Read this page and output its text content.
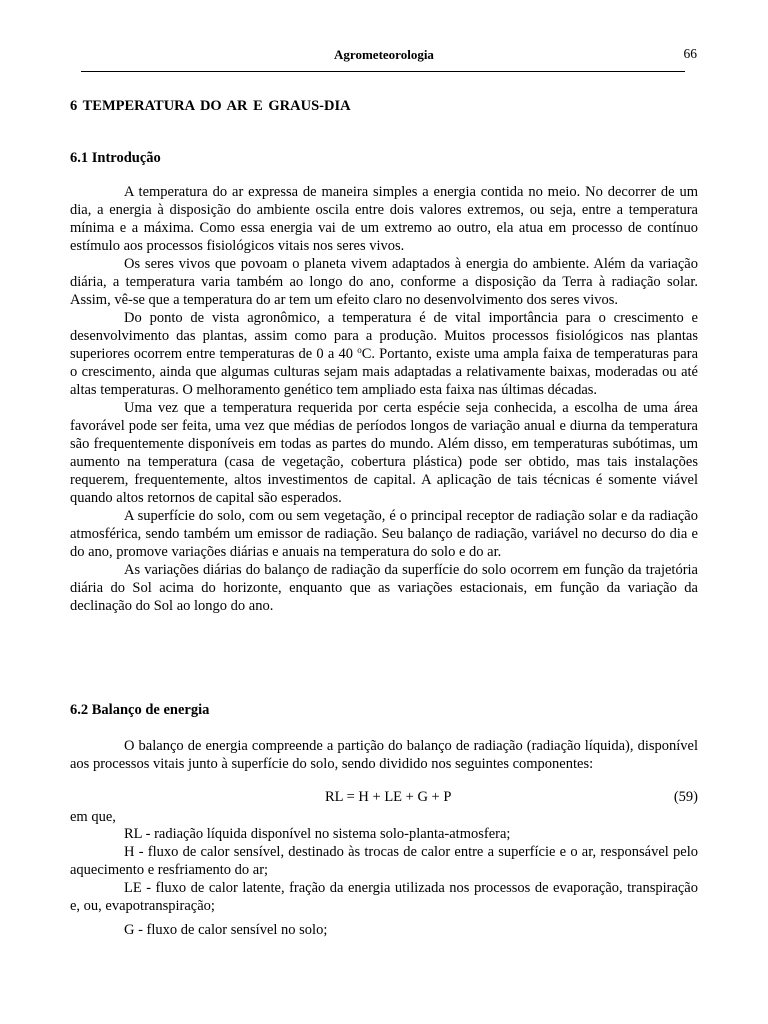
Agrometeorologia	66
6 TEMPERATURA DO AR E GRAUS-DIA
6.1 Introdução

A temperatura do ar expressa de maneira simples a energia contida no meio. No decorrer de um dia, a energia à disposição do ambiente oscila entre dois valores extremos, ou seja, entre a temperatura mínima e a máxima. Como essa energia vai de um extremo ao outro, ela atua em processo de contínuo estímulo aos processos fisiológicos vitais nos seres vivos.

Os seres vivos que povoam o planeta vivem adaptados à energia do ambiente. Além da variação diária, a temperatura varia também ao longo do ano, conforme a disposição da Terra à radiação solar. Assim, vê-se que a temperatura do ar tem um efeito claro no desenvolvimento dos seres vivos.

Do ponto de vista agronômico, a temperatura é de vital importância para o crescimento e desenvolvimento das plantas, assim como para a produção. Muitos processos fisiológicos nas plantas superiores ocorrem entre temperaturas de 0 a 40 $^o$C. Portanto, existe uma ampla faixa de temperaturas para o crescimento, ainda que algumas culturas sejam mais adaptadas a relativamente baixas, moderadas ou até altas temperaturas. O melhoramento genético tem ampliado esta faixa nas últimas décadas.

Uma vez que a temperatura requerida por certa espécie seja conhecida, a escolha de uma área favorável pode ser feita, uma vez que médias de períodos longos de variação anual e diurna da temperatura são frequentemente disponíveis em todas as partes do mundo. Além disso, em temperaturas subótimas, um aumento na temperatura (casa de vegetação, cobertura plástica) pode ser obtido, mas tais instalações requerem, frequentemente, altos investimentos de capital. A aplicação de tais técnicas é somente viável quando altos retornos de capital são esperados.

A superfície do solo, com ou sem vegetação, é o principal receptor de radiação solar e da radiação atmosférica, sendo também um emissor de radiação. Seu balanço de radiação, variável no decurso do dia e do ano, promove variações diárias e anuais na temperatura do solo e do ar.

As variações diárias do balanço de radiação da superfície do solo ocorrem em função da trajetória diária do Sol acima do horizonte, enquanto que as variações estacionais, em função da variação da declinação do Sol ao longo do ano.

6.2 Balanço de energia

O balanço de energia compreende a partição do balanço de radiação (radiação líquida), disponível aos processos vitais junto à superfície do solo, sendo dividido nos seguintes componentes:

RL = H + LE + G + P	(59)
em que,

RL - radiação líquida disponível no sistema solo-planta-atmosfera;

H - fluxo de calor sensível, destinado às trocas de calor entre a superfície e o ar, responsável pelo aquecimento e resfriamento do ar;

LE - fluxo de calor latente, fração da energia utilizada nos processos de evaporação, transpiração e, ou, evapotranspiração;

G - fluxo de calor sensível no solo;
